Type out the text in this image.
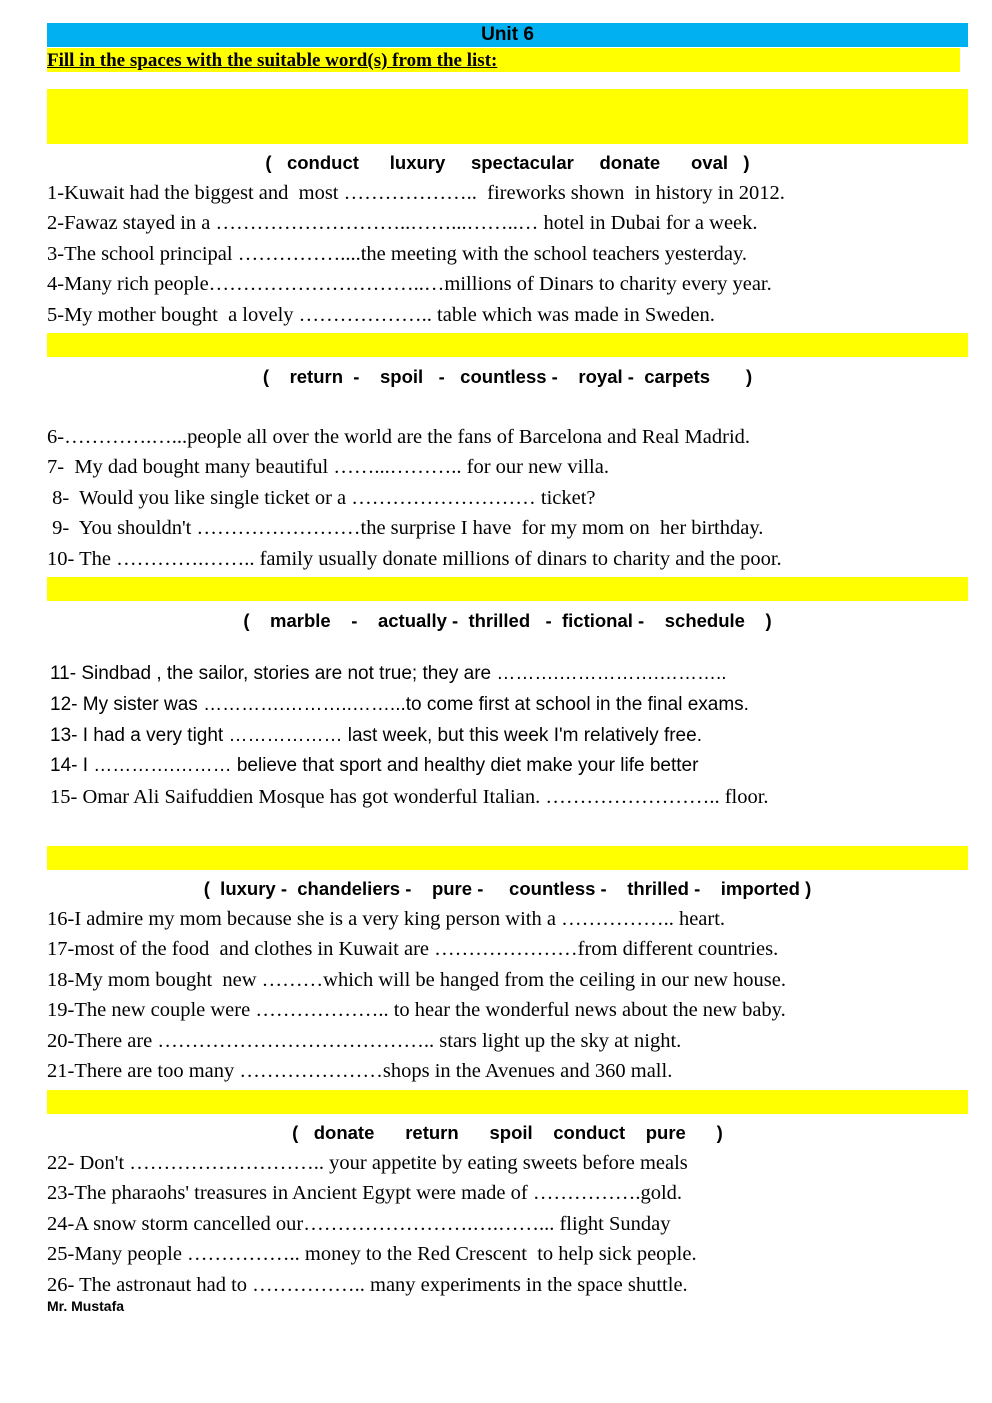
Unit 6
Fill in the spaces with the suitable word(s) from the list:
(   conduct      luxury     spectacular     donate      oval   )
1-Kuwait had the biggest and  most ………………..  fireworks shown  in history in 2012.
2-Fawaz stayed in a ………………………..……...……..… hotel in Dubai for a week.
3-The school principal ……………....the meeting with the school teachers yesterday.
4-Many rich people…………………………..…millions of Dinars to charity every year.
5-My mother bought  a lovely ……………….. table which was made in Sweden.
(    return  -    spoil   -   countless -    royal -  carpets       )
6-………….…...people all over the world are the fans of Barcelona and Real Madrid.
7-  My dad bought many beautiful ……...……….. for our new villa.
8-  Would you like single ticket or a ……………………… ticket?
9-  You shouldn't ……………………the surprise I have  for my mom on  her birthday.
10- The ………….…….. family usually donate millions of dinars to charity and the poor.
(    marble    -    actually -  thrilled   -  fictional -    schedule    )
11- Sindbad , the sailor, stories are not true; they are ……….…………….………..
12- My sister was ………….………..……...to come first at school in the final exams.
13- I had a very tight ……………… last week, but this week I'm relatively free.
14- I ………….……… believe that sport and healthy diet make your life better
15- Omar Ali Saifuddien Mosque has got wonderful Italian. …………………….. floor.
(  luxury -  chandeliers -    pure -     countless -    thrilled -    imported )
16-I admire my mom because she is a very king person with a …………….. heart.
17-most of the food  and clothes in Kuwait are …………………from different countries.
18-My mom bought  new ………which will be hanged from the ceiling in our new house.
19-The new couple were ……………….. to hear the wonderful news about the new baby.
20-There are ………………………………….. stars light up the sky at night.
21-There are too many …………………shops in the Avenues and 360 mall.
(   donate      return      spoil    conduct    pure      )
22- Don't ……………………….. your appetite by eating sweets before meals
23-The pharaohs' treasures in Ancient Egypt were made of …………….gold.
24-A snow storm cancelled our…………………….….……... flight Sunday
25-Many people …………….. money to the Red Crescent  to help sick people.
26- The astronaut had to …………….. many experiments in the space shuttle.
Mr. Mustafa
